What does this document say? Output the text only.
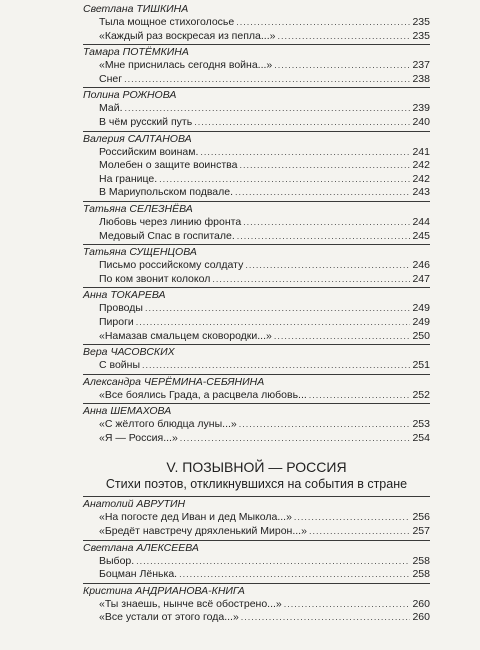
Светлана ТИШКИНА
Тыла мощное стихоголосье .....	235
«Каждый раз воскресая из пепла...» .....	235
Тамара ПОТЁМКИНА
«Мне приснилась сегодня война...» .....	237
Снег .....	238
Полина РОЖНОВА
Май. .....	239
В чём русский путь .....	240
Валерия САЛТАНОВА
Российским воинам. .....	241
Молебен о защите воинства .....	242
На границе. .....	242
В Мариупольском подвале. .....	243
Татьяна СЕЛЕЗНЁВА
Любовь через линию фронта .....	244
Медовый Спас в госпитале. .....	245
Татьяна СУЩЕНЦОВА
Письмо российскому солдату .....	246
По ком звонит колокол .....	247
Анна ТОКАРЕВА
Проводы .....	249
Пироги .....	249
«Намазав смальцем сковородки...» .....	250
Вера ЧАСОВСКИХ
С войны .....	251
Александра ЧЕРЁМИНА-СЕБЯНИНА
«Все боялись Града, а расцвела любовь... .....	252
Анна ШЕМАХОВА
«С жёлтого блюдца луны...» .....	253
«Я — Россия...» .....	254
V. ПОЗЫВНОЙ — РОССИЯ
Стихи поэтов, откликнувшихся на события в стране
Анатолий АВРУТИН
«На погосте дед Иван и дед Мыкола...» .....	256
«Бредёт навстречу дряхленький Мирон...» .....	257
Светлана АЛЕКСЕЕВА
Выбор. .....	258
Боцман Лёнька. .....	258
Кристина АНДРИАНОВА-КНИГА
«Ты знаешь, нынче всё обострено...» .....	260
«Все устали от этого года...» .....	260
